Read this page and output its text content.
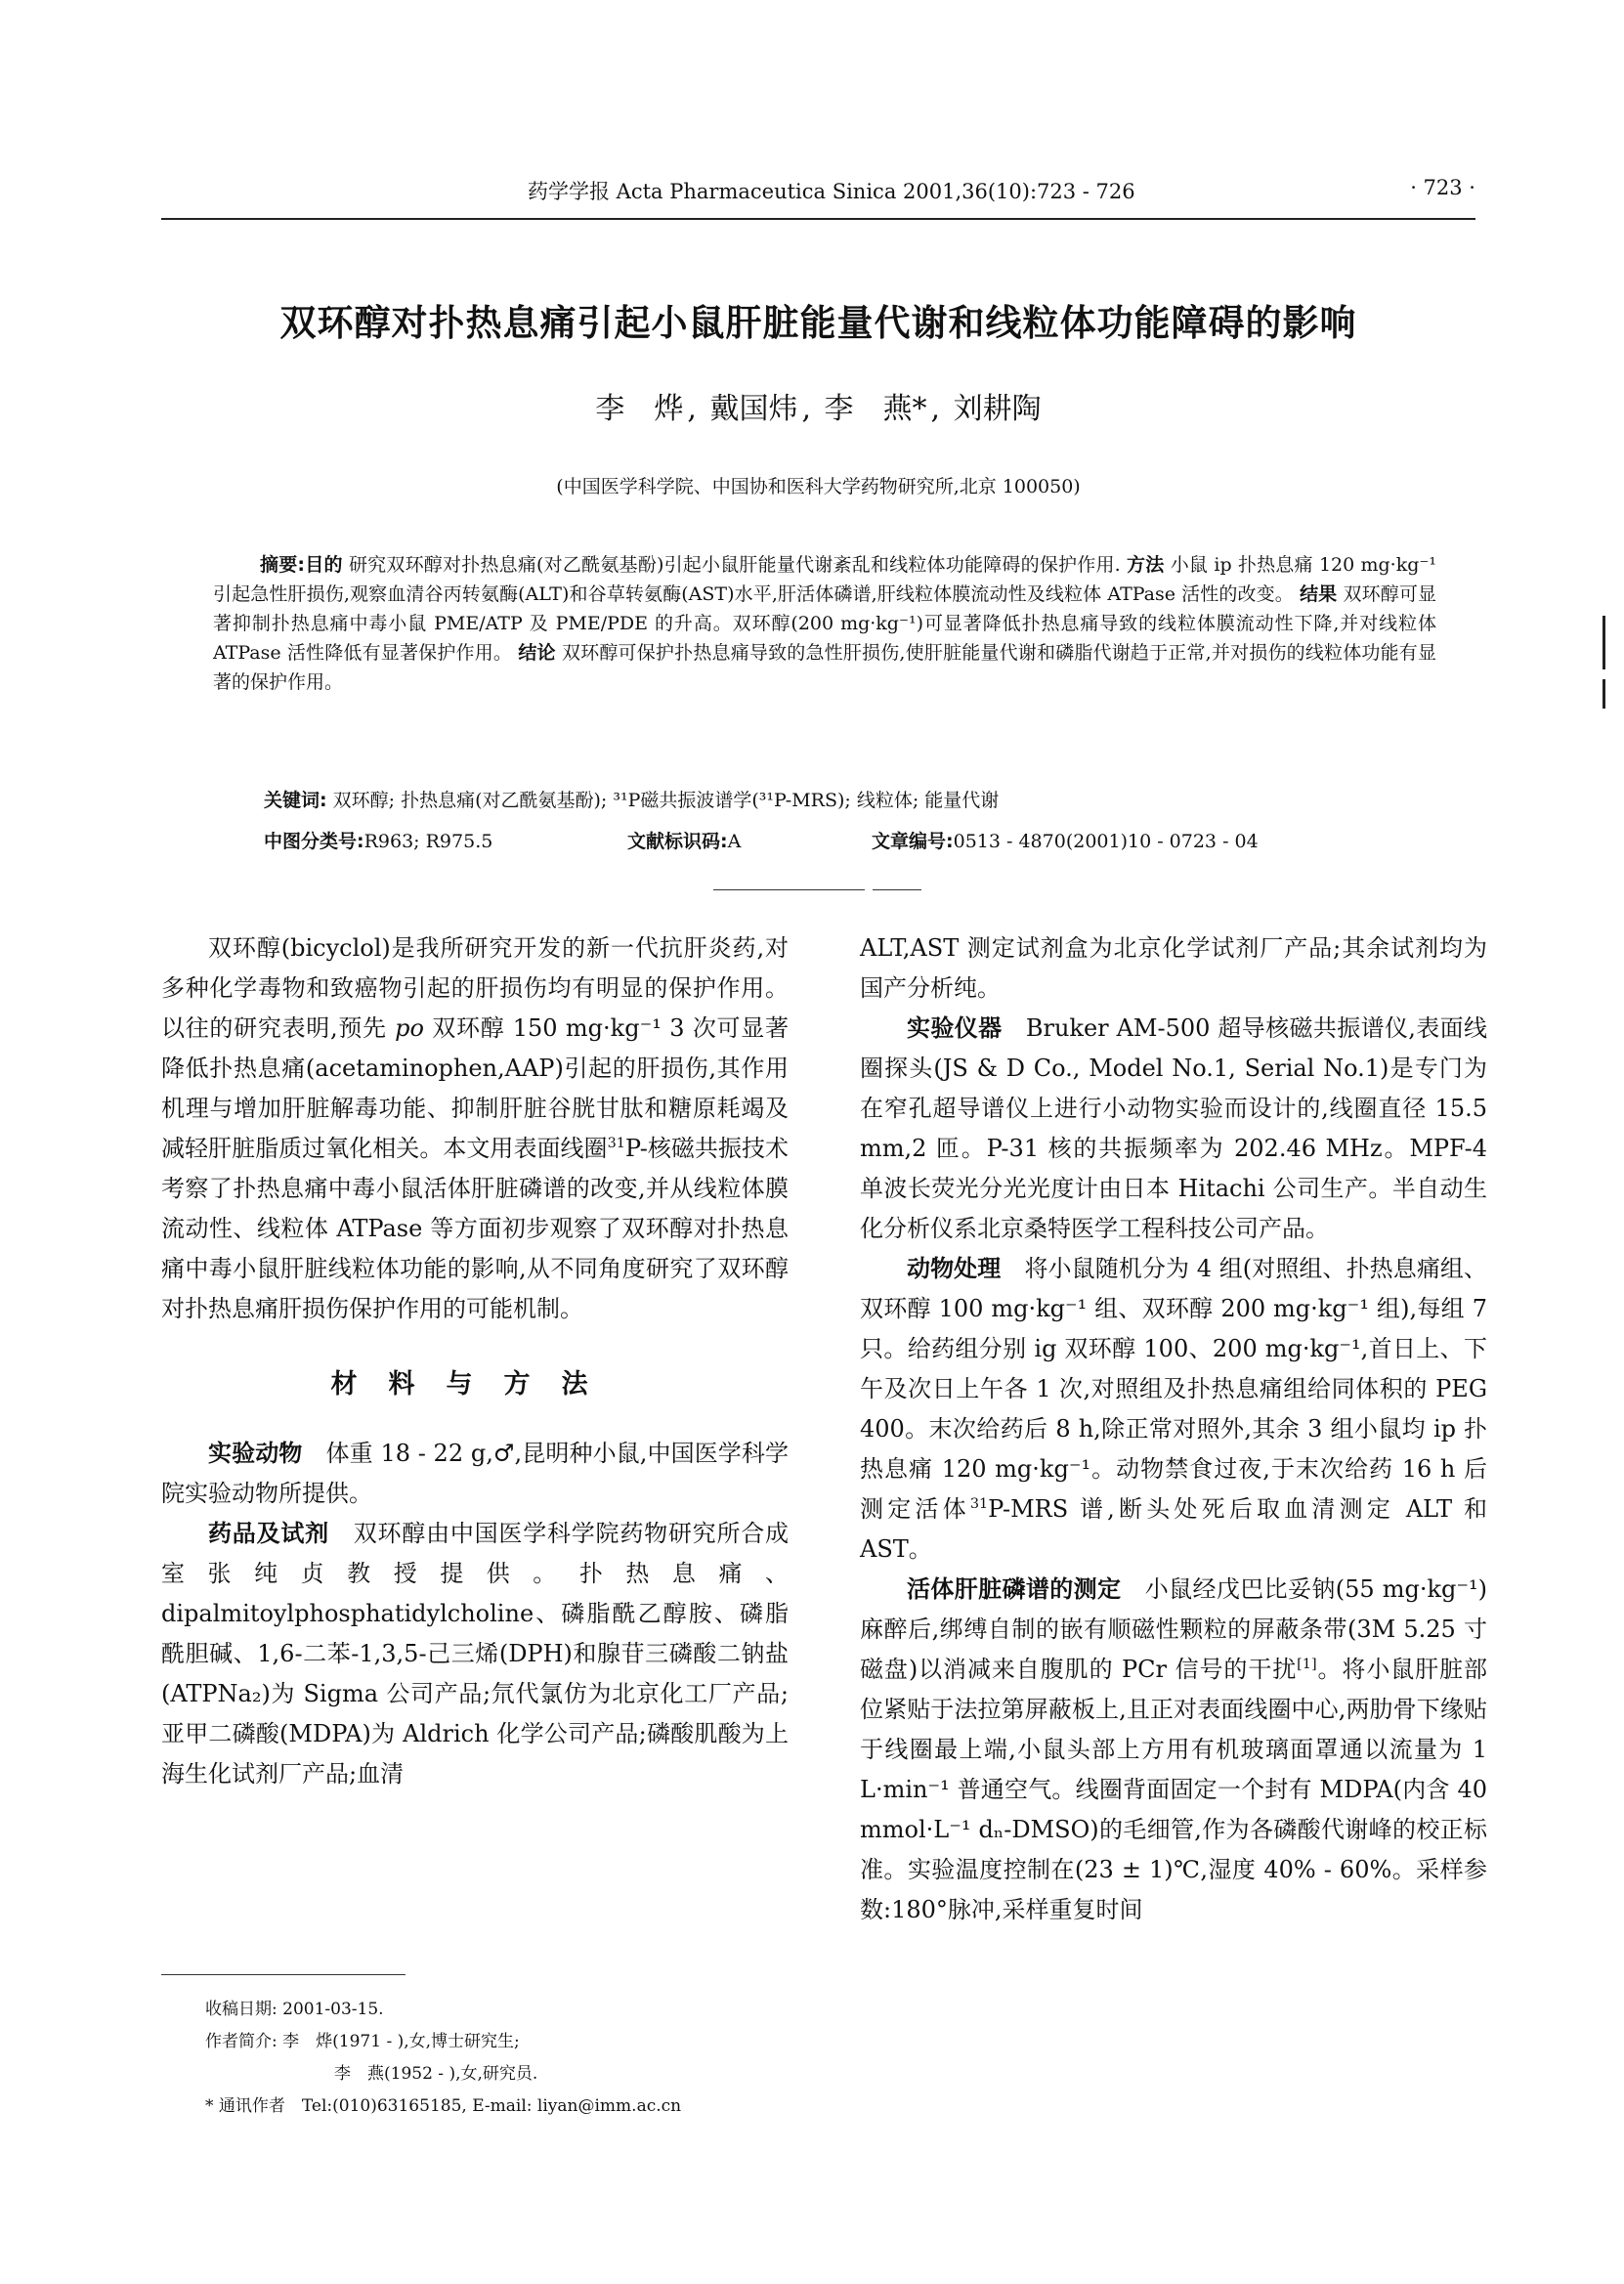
药学学报 Acta Pharmaceutica Sinica 2001,36(10):723 - 726	· 723 ·
双环醇对扑热息痛引起小鼠肝脏能量代谢和线粒体功能障碍的影响
李　烨 , 戴国炜 , 李　燕* , 刘耕陶
(中国医学科学院、中国协和医科大学药物研究所,北京 100050)

摘要:目的 研究双环醇对扑热息痛(对乙酰氨基酚)引起小鼠肝能量代谢紊乱和线粒体功能障碍的保护作用. 方法 小鼠 ip 扑热息痛 120 mg·kg⁻¹ 引起急性肝损伤,观察血清谷丙转氨酶(ALT)和谷草转氨酶(AST)水平,肝活体磷谱,肝线粒体膜流动性及线粒体 ATPase 活性的改变。 结果 双环醇可显著抑制扑热息痛中毒小鼠 PME/ATP 及 PME/PDE 的升高。双环醇(200 mg·kg⁻¹)可显著降低扑热息痛导致的线粒体膜流动性下降,并对线粒体 ATPase 活性降低有显著保护作用。 结论 双环醇可保护扑热息痛导致的急性肝损伤,使肝脏能量代谢和磷脂代谢趋于正常,并对损伤的线粒体功能有显著的保护作用。

关键词: 双环醇; 扑热息痛(对乙酰氨基酚); ³¹P磁共振波谱学(³¹P-MRS); 线粒体; 能量代谢
中图分类号:R963; R975.5	文献标识码:A	文章编号:0513 - 4870(2001)10 - 0723 - 04

双环醇(bicyclol)是我所研究开发的新一代抗肝炎药,对多种化学毒物和致癌物引起的肝损伤均有明显的保护作用。以往的研究表明,预先 po 双环醇 150 mg·kg⁻¹ 3 次可显著降低扑热息痛(acetaminophen,AAP)引起的肝损伤,其作用机理与增加肝脏解毒功能、抑制肝脏谷胱甘肽和糖原耗竭及减轻肝脏脂质过氧化相关。本文用表面线圈$^{31}$P-核磁共振技术考察了扑热息痛中毒小鼠活体肝脏磷谱的改变,并从线粒体膜流动性、线粒体 ATPase 等方面初步观察了双环醇对扑热息痛中毒小鼠肝脏线粒体功能的影响,从不同角度研究了双环醇对扑热息痛肝损伤保护作用的可能机制。

材料与方法

实验动物　 体重 18 - 22 g,♂,昆明种小鼠,中国医学科学院实验动物所提供。

药品及试剂　 双环醇由中国医学科学院药物研究所合成室张纯贞教授提供。扑热息痛、dipalmitoylphosphatidylcholine、磷脂酰乙醇胺、磷脂酰胆碱、1,6-二苯-1,3,5-己三烯(DPH)和腺苷三磷酸二钠盐(ATPNa₂)为 Sigma 公司产品;氘代氯仿为北京化工厂产品;亚甲二磷酸(MDPA)为 Aldrich 化学公司产品;磷酸肌酸为上海生化试剂厂产品;血清

ALT,AST 测定试剂盒为北京化学试剂厂产品;其余试剂均为国产分析纯。

实验仪器　 Bruker AM-500 超导核磁共振谱仪,表面线圈探头(JS & D Co., Model No.1, Serial No.1)是专门为在窄孔超导谱仪上进行小动物实验而设计的,线圈直径 15.5 mm,2 匝。P-31 核的共振频率为 202.46 MHz。MPF-4 单波长荧光分光光度计由日本 Hitachi 公司生产。半自动生化分析仪系北京桑特医学工程科技公司产品。

动物处理　 将小鼠随机分为 4 组(对照组、扑热息痛组、双环醇 100 mg·kg⁻¹ 组、双环醇 200 mg·kg⁻¹ 组),每组 7 只。给药组分别 ig 双环醇 100、200 mg·kg⁻¹,首日上、下午及次日上午各 1 次,对照组及扑热息痛组给同体积的 PEG 400。末次给药后 8 h,除正常对照外,其余 3 组小鼠均 ip 扑热息痛 120 mg·kg⁻¹。动物禁食过夜,于末次给药 16 h 后测定活体$^{31}$P-MRS 谱,断头处死后取血清测定 ALT 和 AST。

活体肝脏磷谱的测定　 小鼠经戊巴比妥钠(55 mg·kg⁻¹)麻醉后,绑缚自制的嵌有顺磁性颗粒的屏蔽条带(3M 5.25 寸磁盘)以消减来自腹肌的 PCr 信号的干扰[1]。将小鼠肝脏部位紧贴于法拉第屏蔽板上,且正对表面线圈中心,两肋骨下缘贴于线圈最上端,小鼠头部上方用有机玻璃面罩通以流量为 1 L·min⁻¹ 普通空气。线圈背面固定一个封有 MDPA(内含 40 mmol·L⁻¹ dₙ-DMSO)的毛细管,作为各磷酸代谢峰的校正标准。实验温度控制在(23 ± 1)℃,湿度 40% - 60%。采样参数:180°脉冲,采样重复时间

收稿日期: 2001-03-15.
作者简介: 李　烨(1971 - ),女,博士研究生;
李　燕(1952 - ),女,研究员.
* 通讯作者　 Tel:(010)63165185, E-mail: liyan@imm.ac.cn
